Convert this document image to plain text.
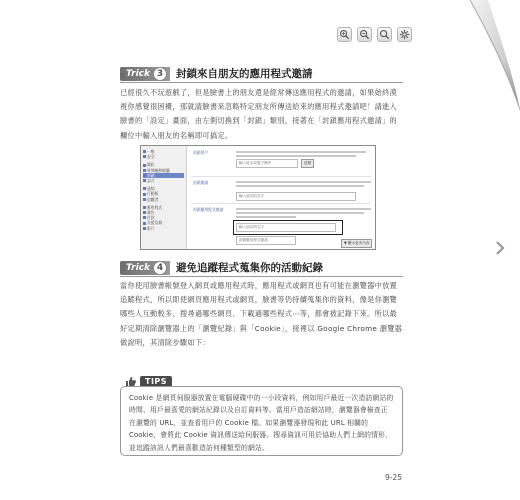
Trick 3	封鎖來自朋友的應用程式邀請

已經很久不玩遊戲了，但是臉書上的朋友還是經常傳送應用程式的邀請，如果始終漠視你感覺很困擾，那就請臉書來忽略特定朋友所傳送給來的應用程式邀請吧！請進入臉書的「設定」畫面，由左側切換到「封鎖」類別，接著在「封鎖應用程式邀請」的欄位中輸入朋友的名稱即可搞定。

一般
安全
隱私
時間軸和標籤
封鎖
語言
通知
行動版
追蹤者
應用程式
廣告
付款
支援信箱
影片
封鎖用戶
輸入姓名或電子郵件	封鎖
封鎖邀請
輸入朋友的名字
封鎖應用程式邀請
輸入朋友的名字
封鎖應用程式邀請
▼ 顯示更多內容
Trick 4	避免追蹤程式蒐集你的活動紀錄

當你使用臉書帳號登入網頁或應用程式時，應用程式或網頁也有可能在瀏覽器中放置追蹤程式，所以即使網頁應用程式或網頁，臉書等仍持續蒐集你的資料，像是你瀏覽哪些人互動較多、搜尋過哪些網頁、下載過哪些程式⋯等，都會被記錄下來。所以最好定期清除瀏覽器上的「瀏覽紀錄」與「Cookie」，接裡以 Google Chrome 瀏覽器做說明，其清除步驟如下：

TIPS

Cookie 是網頁伺服器放置在電腦硬碟中的一小段資料，例如用戶最近一次造訪網站的時間、用戶最喜愛的網站紀錄以及自訂資料等。當用戶造訪網站時，瀏覽器會檢查正在瀏覽的 URL，並查看用戶的 Cookie 檔。如果瀏覽器發現和此 URL 相關的 Cookie，會將此 Cookie 資訊傳送給伺服器。搜尋資訊可用於協助人們上網的情形，並追蹤該訊人們最喜歡造訪何種類型的網站。

9-25
